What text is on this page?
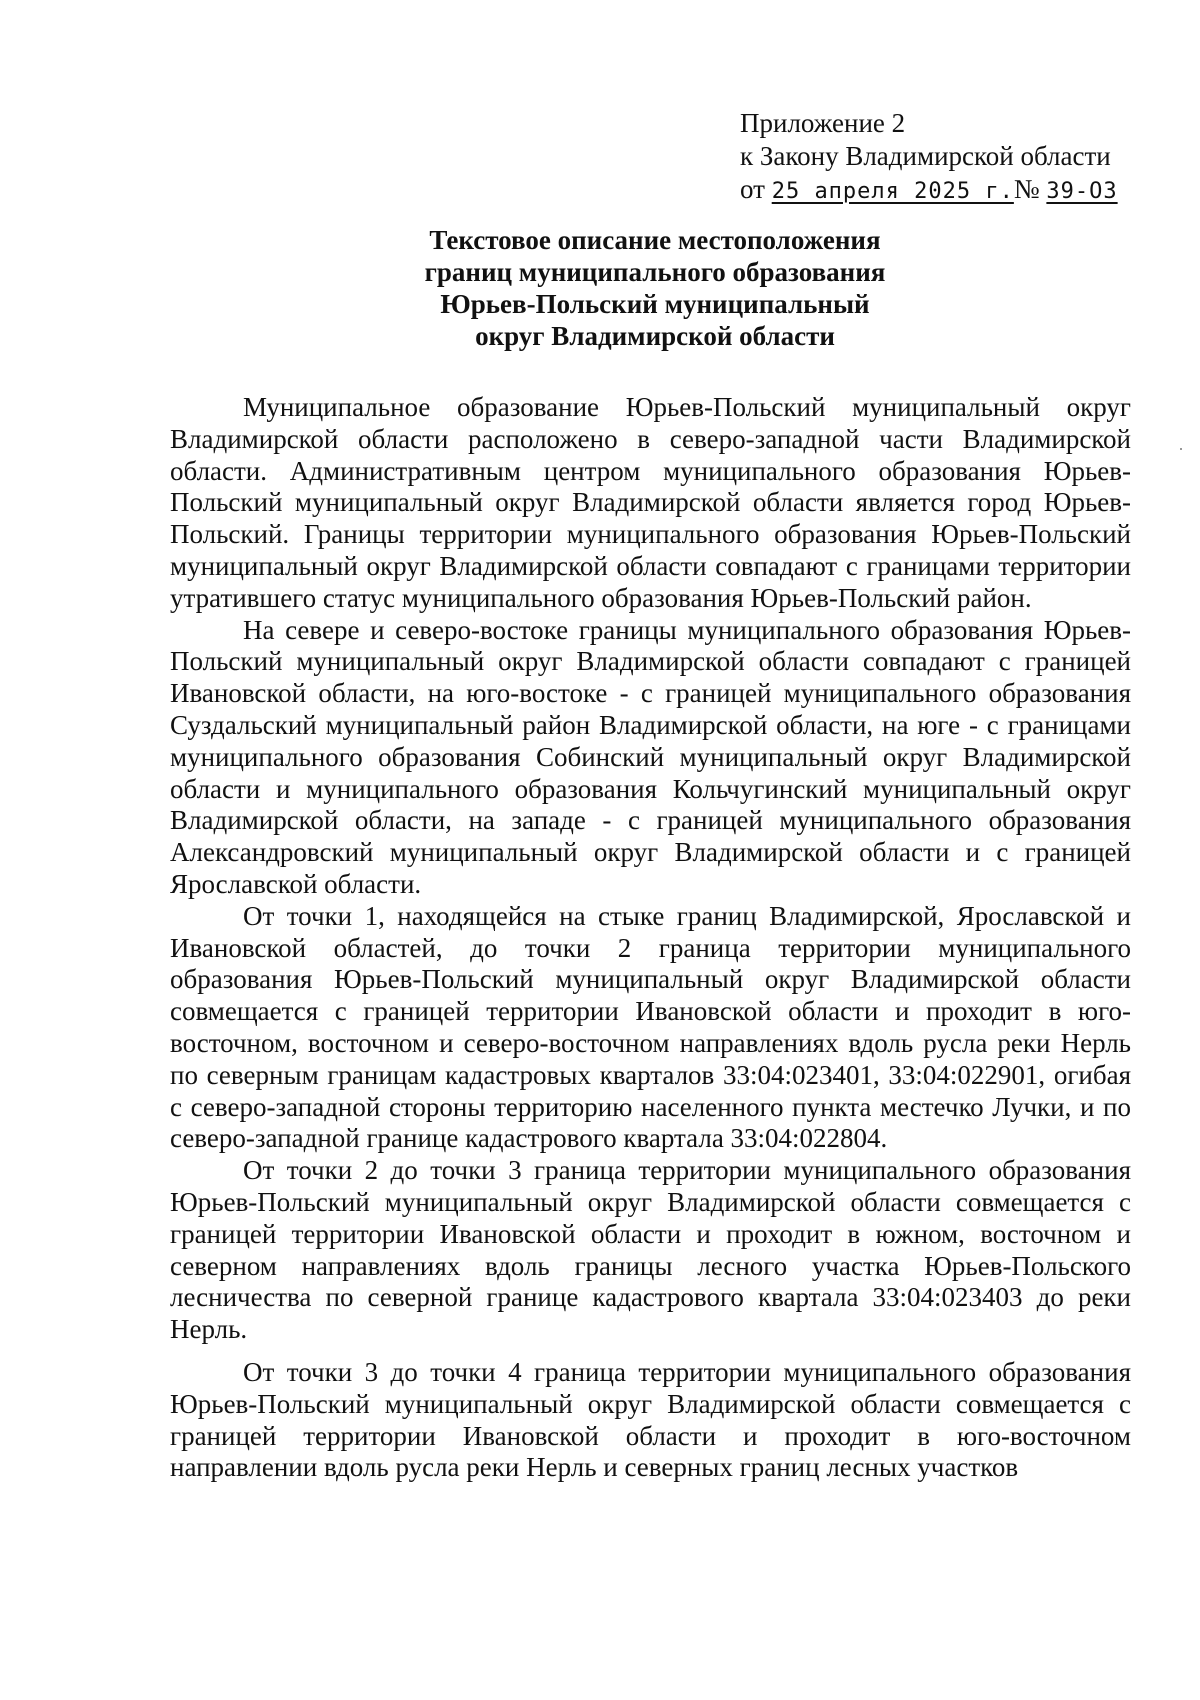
Приложение 2
к Закону Владимирской области
от 25 апреля 2025 г.№ 39-ОЗ
Текстовое описание местоположения
границ муниципального образования
Юрьев-Польский муниципальный
округ Владимирской области

Муниципальное образование Юрьев-Польский муниципальный округ Владимирской области расположено в северо-западной части Владимирской области. Административным центром муниципального образования Юрьев-Польский муниципальный округ Владимирской области является город Юрьев-Польский. Границы территории муниципального образования Юрьев-Польский муниципальный округ Владимирской области совпадают с границами территории утратившего статус муниципального образования Юрьев-Польский район.

На севере и северо-востоке границы муниципального образования Юрьев-Польский муниципальный округ Владимирской области совпадают с границей Ивановской области, на юго-востоке - с границей муниципального образования Суздальский муниципальный район Владимирской области, на юге - с границами муниципального образования Собинский муниципальный округ Владимирской области и муниципального образования Кольчугинский муниципальный округ Владимирской области, на западе - с границей муниципального образования Александровский муниципальный округ Владимирской области и с границей Ярославской области.

От точки 1, находящейся на стыке границ Владимирской, Ярославской и Ивановской областей, до точки 2 граница территории муниципального образования Юрьев-Польский муниципальный округ Владимирской области совмещается с границей территории Ивановской области и проходит в юго-восточном, восточном и северо-восточном направлениях вдоль русла реки Нерль по северным границам кадастровых кварталов 33:04:023401, 33:04:022901, огибая с северо-западной стороны территорию населенного пункта местечко Лучки, и по северо-западной границе кадастрового квартала 33:04:022804.

От точки 2 до точки 3 граница территории муниципального образования Юрьев-Польский муниципальный округ Владимирской области совмещается с границей территории Ивановской области и проходит в южном, восточном и северном направлениях вдоль границы лесного участка Юрьев-Польского лесничества по северной границе кадастрового квартала 33:04:023403 до реки Нерль.

От точки 3 до точки 4 граница территории муниципального образования Юрьев-Польский муниципальный округ Владимирской области совмещается с границей территории Ивановской области и проходит в юго-восточном направлении вдоль русла реки Нерль и северных границ лесных участков
